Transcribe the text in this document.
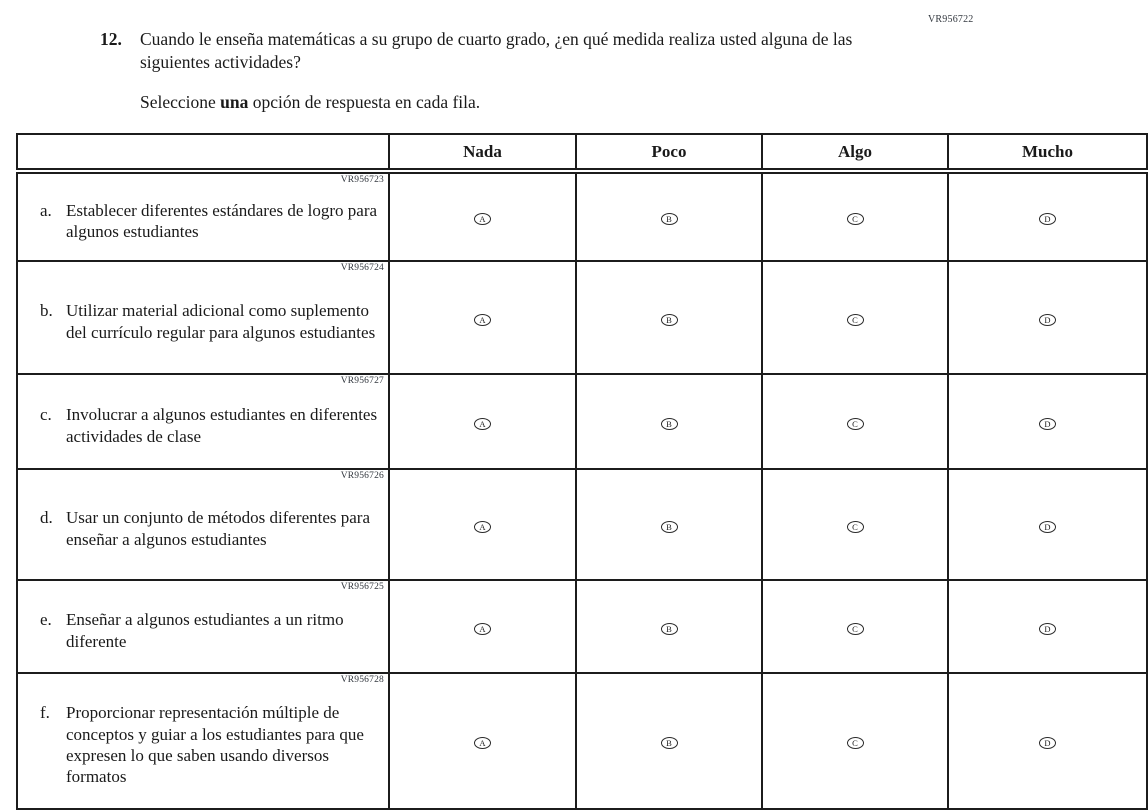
VR956722
12.	Cuando le enseña matemáticas a su grupo de cuarto grado, ¿en qué medida realiza usted alguna de las siguientes actividades?
Seleccione una opción de respuesta en cada fila.
	Nada	Poco	Algo	Mucho

VR956723
a. Establecer diferentes estándares de logro para algunos estudiantes	A	B	C	D

VR956724
b. Utilizar material adicional como suplemento del currículo regular para algunos estudiantes	A	B	C	D

VR956727
c. Involucrar a algunos estudiantes en diferentes actividades de clase	A	B	C	D

VR956726
d. Usar un conjunto de métodos diferentes para enseñar a algunos estudiantes	A	B	C	D

VR956725
e. Enseñar a algunos estudiantes a un ritmo diferente	A	B	C	D

VR956728
f. Proporcionar representación múltiple de conceptos y guiar a los estudiantes para que expresen lo que saben usando diversos formatos	A	B	C	D
